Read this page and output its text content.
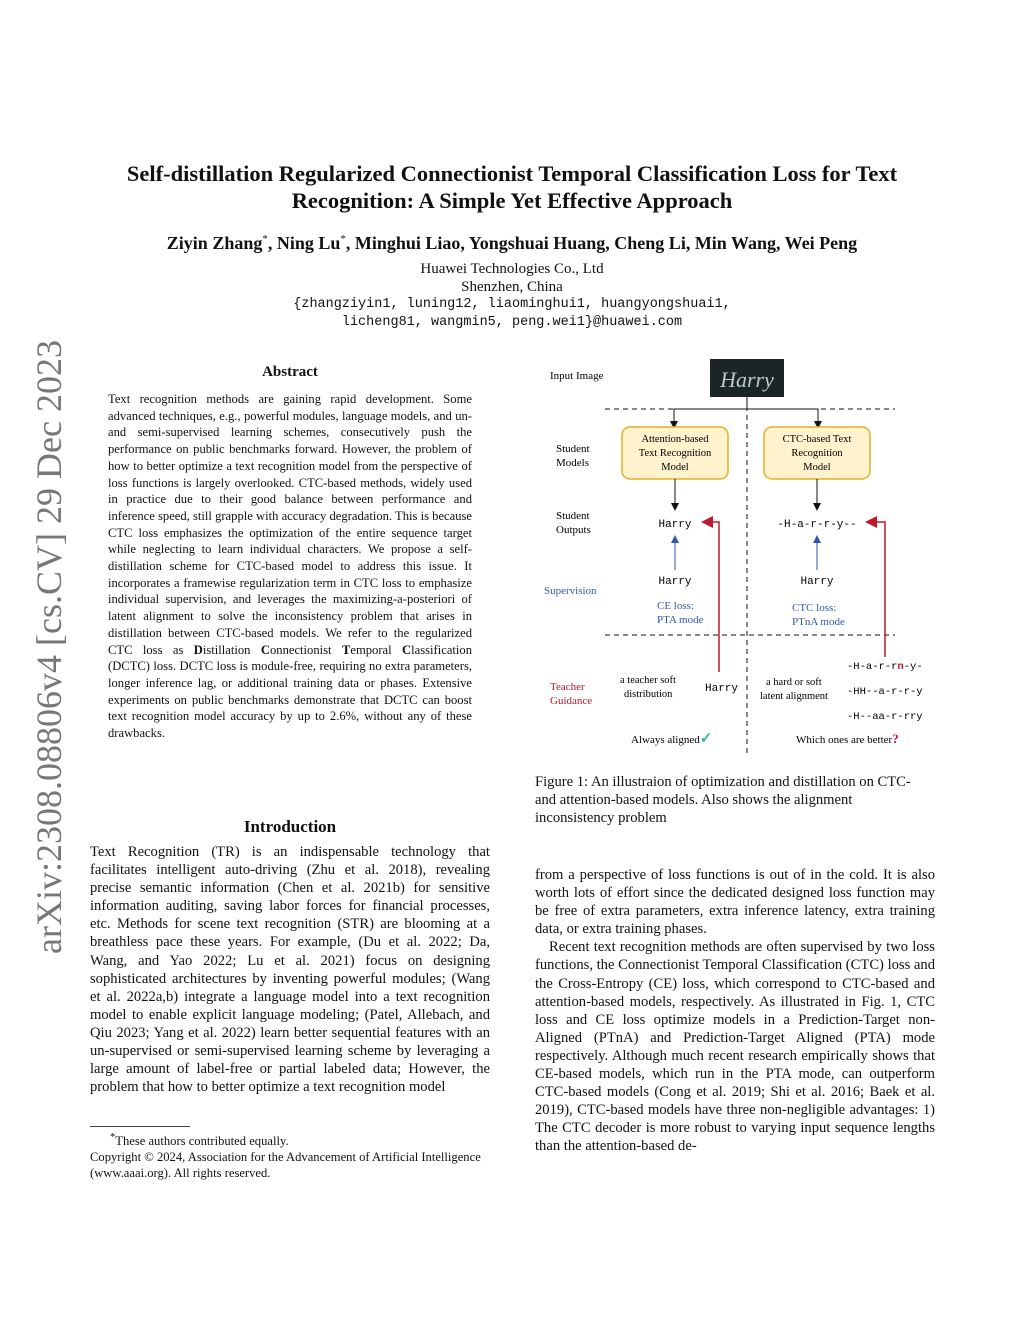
arXiv:2308.08806v4 [cs.CV] 29 Dec 2023
Self-distillation Regularized Connectionist Temporal Classification Loss for Text Recognition: A Simple Yet Effective Approach
Ziyin Zhang*, Ning Lu*, Minghui Liao, Yongshuai Huang, Cheng Li, Min Wang, Wei Peng
Huawei Technologies Co., Ltd
Shenzhen, China
{zhangziyin1, luning12, liaominghui1, huangyongshuai1,
licheng81, wangmin5, peng.wei1}@huawei.com
Abstract
Text recognition methods are gaining rapid development. Some advanced techniques, e.g., powerful modules, language models, and un- and semi-supervised learning schemes, consecutively push the performance on public benchmarks forward. However, the problem of how to better optimize a text recognition model from the perspective of loss functions is largely overlooked. CTC-based methods, widely used in practice due to their good balance between performance and inference speed, still grapple with accuracy degradation. This is because CTC loss emphasizes the optimization of the entire sequence target while neglecting to learn individual characters. We propose a self-distillation scheme for CTC-based model to address this issue. It incorporates a framewise regularization term in CTC loss to emphasize individual supervision, and leverages the maximizing-a-posteriori of latent alignment to solve the inconsistency problem that arises in distillation between CTC-based models. We refer to the regularized CTC loss as Distillation Connectionist Temporal Classification (DCTC) loss. DCTC loss is module-free, requiring no extra parameters, longer inference lag, or additional training data or phases. Extensive experiments on public benchmarks demonstrate that DCTC can boost text recognition model accuracy by up to 2.6%, without any of these drawbacks.
Introduction
Text Recognition (TR) is an indispensable technology that facilitates intelligent auto-driving (Zhu et al. 2018), revealing precise semantic information (Chen et al. 2021b) for sensitive information auditing, saving labor forces for financial processes, etc. Methods for scene text recognition (STR) are blooming at a breathless pace these years. For example, (Du et al. 2022; Da, Wang, and Yao 2022; Lu et al. 2021) focus on designing sophisticated architectures by inventing powerful modules; (Wang et al. 2022a,b) integrate a language model into a text recognition model to enable explicit language modeling; (Patel, Allebach, and Qiu 2023; Yang et al. 2022) learn better sequential features with an un-supervised or semi-supervised learning scheme by leveraging a large amount of label-free or partial labeled data; However, the problem that how to better optimize a text recognition model
*These authors contributed equally.
Copyright © 2024, Association for the Advancement of Artificial Intelligence (www.aaai.org). All rights reserved.
Input Image	Harry
Student Models
Attention-based Text Recognition Model
CTC-based Text Recognition Model
Student Outputs	Harry	-H-a-r-r-y--
Supervision
Harry	Harry
CE loss: PTA mode
CTC loss: PTnA mode
Teacher Guidance
a teacher soft distribution	Harry
a hard or soft latent alignment
-H-a-r-rn-y-
-HH--a-r-r-y
-H--aa-r-rry
Always aligned✓	Which ones are better?
Figure 1: An illustraion of optimization and distillation on CTC- and attention-based models. Also shows the alignment inconsistency problem

from a perspective of loss functions is out of in the cold. It is also worth lots of effort since the dedicated designed loss function may be free of extra parameters, extra inference latency, extra training data, or extra training phases.

Recent text recognition methods are often supervised by two loss functions, the Connectionist Temporal Classification (CTC) loss and the Cross-Entropy (CE) loss, which correspond to CTC-based and attention-based models, respectively. As illustrated in Fig. 1, CTC loss and CE loss optimize models in a Prediction-Target non-Aligned (PTnA) and Prediction-Target Aligned (PTA) mode respectively. Although much recent research empirically shows that CE-based models, which run in the PTA mode, can outperform CTC-based models (Cong et al. 2019; Shi et al. 2016; Baek et al. 2019), CTC-based models have three non-negligible advantages: 1) The CTC decoder is more robust to varying input sequence lengths than the attention-based de-
